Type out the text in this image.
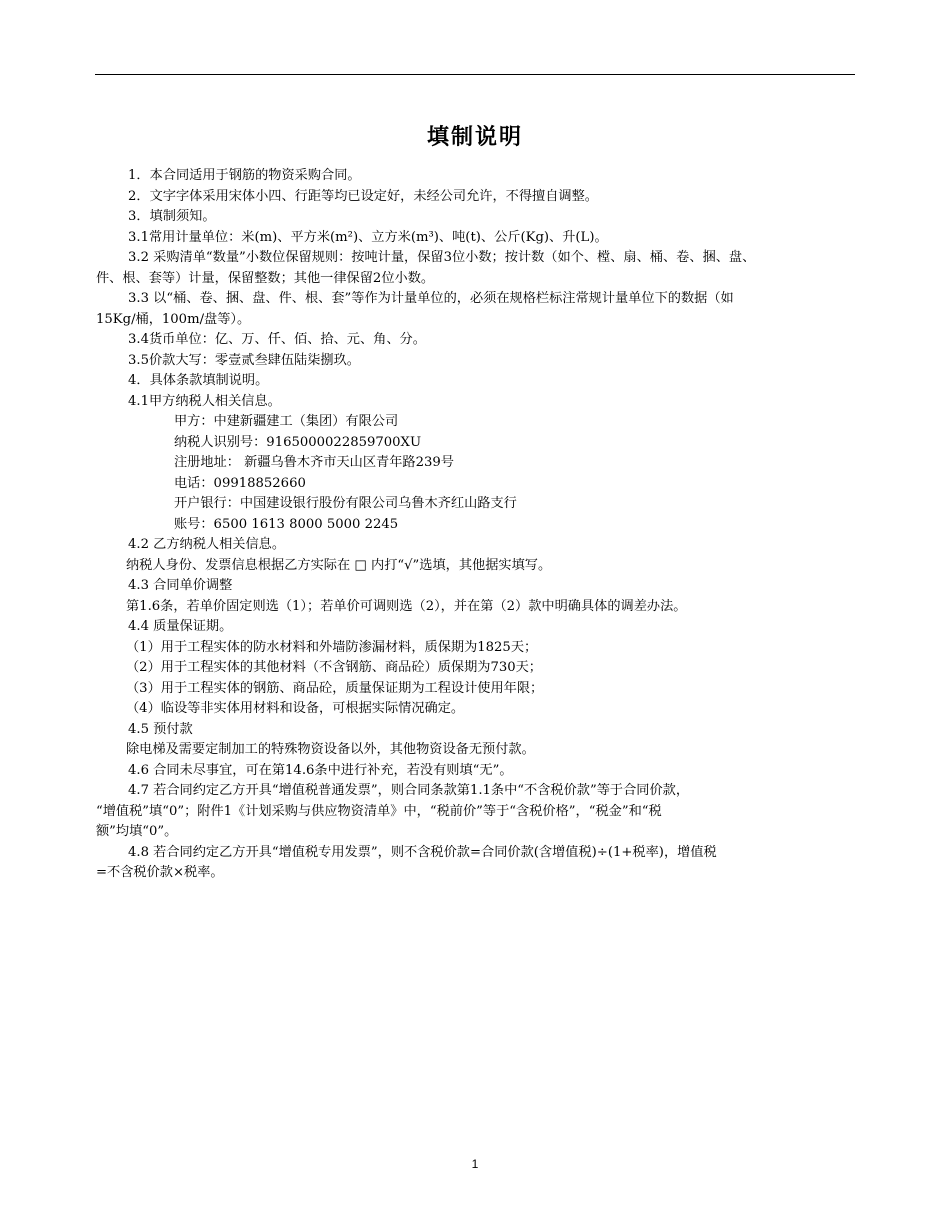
填制说明
1．本合同适用于钢筋的物资采购合同。
2．文字字体采用宋体小四、行距等均已设定好，未经公司允许，不得擅自调整。
3．填制须知。
3.1常用计量单位：米(m)、平方米(m²)、立方米(m³)、吨(t)、公斤(Kg)、升(L)。
3.2 采购清单“数量”小数位保留规则：按吨计量，保留3位小数；按计数（如个、樘、扇、桶、卷、捆、盘、
件、根、套等）计量，保留整数；其他一律保留2位小数。
3.3 以“桶、卷、捆、盘、件、根、套”等作为计量单位的，必须在规格栏标注常规计量单位下的数据（如
15Kg/桶，100m/盘等）。
3.4货币单位：亿、万、仟、佰、拾、元、角、分。
3.5价款大写：零壹贰叁肆伍陆柒捌玖。
4．具体条款填制说明。
4.1甲方纳税人相关信息。
甲方：中建新疆建工（集团）有限公司
纳税人识别号：9165000022859700XU
注册地址： 新疆乌鲁木齐市天山区青年路239号
电话：09918852660
开户银行：中国建设银行股份有限公司乌鲁木齐红山路支行
账号：6500 1613 8000 5000 2245
4.2 乙方纳税人相关信息。
纳税人身份、发票信息根据乙方实际在 □ 内打“√”选填，其他据实填写。
4.3 合同单价调整
第1.6条，若单价固定则选（1）；若单价可调则选（2），并在第（2）款中明确具体的调差办法。
4.4 质量保证期。
（1）用于工程实体的防水材料和外墙防渗漏材料，质保期为1825天；
（2）用于工程实体的其他材料（不含钢筋、商品砼）质保期为730天；
（3）用于工程实体的钢筋、商品砼，质量保证期为工程设计使用年限；
（4）临设等非实体用材料和设备，可根据实际情况确定。
4.5 预付款
除电梯及需要定制加工的特殊物资设备以外，其他物资设备无预付款。
4.6 合同未尽事宜，可在第14.6条中进行补充，若没有则填“无”。
4.7 若合同约定乙方开具“增值税普通发票”，则合同条款第1.1条中“不含税价款”等于合同价款，
“增值税”填“0”；附件1《计划采购与供应物资清单》中，“税前价”等于“含税价格”，“税金”和“税
额”均填“0”。
4.8 若合同约定乙方开具“增值税专用发票”，则不含税价款=合同价款(含增值税)÷(1+税率)，增值税
=不含税价款×税率。
1
